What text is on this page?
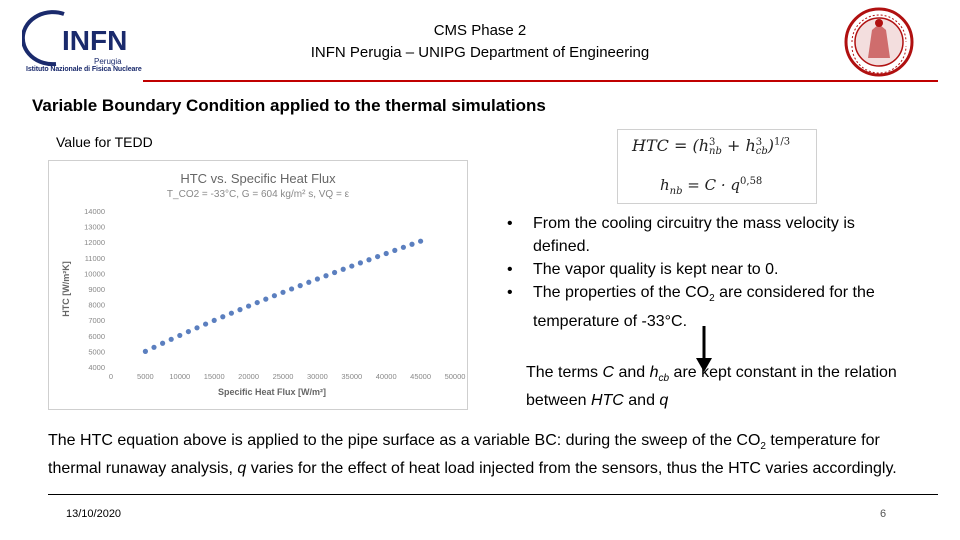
INFN
Perugia
Istituto Nazionale di Fisica Nucleare
CMS Phase 2
INFN Perugia – UNIPG Department of Engineering
Variable Boundary Condition applied to the thermal simulations
Value for TEDD	HTC = (h 3
nb + h 3
cb )$^{1/3}$
$h_{nb} = C \cdot q^{0,58}$
HTC vs. Specific Heat Flux
T_CO2 = -33°C, G = 604 kg/m² s, VQ = ε
Specific Heat Flux [W/m²]
HTC [W/m²K]
0	5000 10000 15000 20000 25000 30000 35000 40000 45000 50000
4000
5000
6000
7000
8000
9000
10000
11000
12000
13000
14000
•	From the cooling circuitry the mass velocity is defined.
•	The vapor quality is kept near to 0.
•	The properties of the $CO_2$ are considered for the temperature of -33°C.
The terms C and $h_{cb}$ are kept constant in the relation between HTC and q
The HTC equation above is applied to the pipe surface as a variable BC: during the sweep of the $CO_2$ temperature for thermal runaway analysis, q varies for the effect of heat load injected from the sensors, thus the HTC varies accordingly.
13/10/2020	6
